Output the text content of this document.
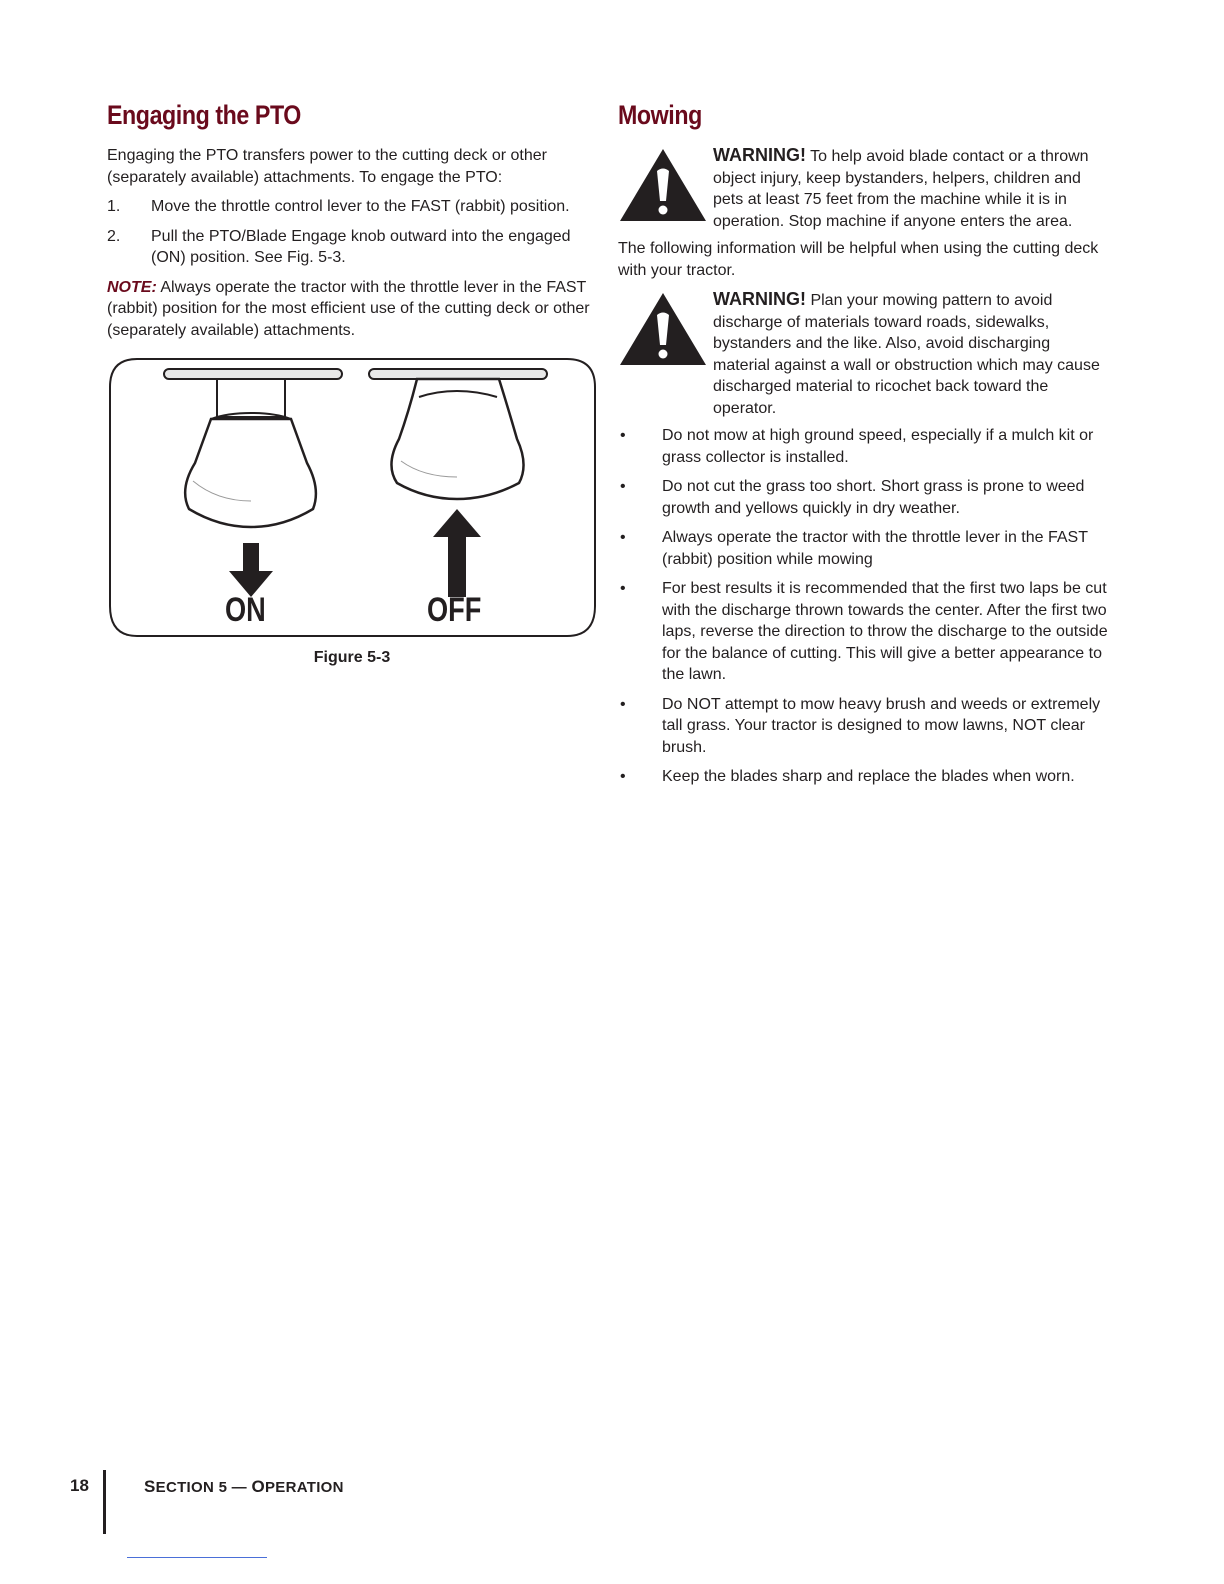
Engaging the PTO

Engaging the PTO transfers power to the cutting deck or other (separately available) attachments. To engage the PTO:

1. Move the throttle control lever to the FAST (rabbit) position.
2. Pull the PTO/Blade Engage knob outward into the engaged (ON) position. See Fig. 5-3.

NOTE: Always operate the tractor with the throttle lever in the FAST (rabbit) position for the most efficient use of the cutting deck or other (separately available) attachments.

ON	OFF
Figure 5-3
Mowing

WARNING! To help avoid blade contact or a thrown object injury, keep bystanders, helpers, children and pets at least 75 feet from the machine while it is in operation. Stop machine if anyone enters the area.

The following information will be helpful when using the cutting deck with your tractor.

WARNING! Plan your mowing pattern to avoid discharge of materials toward roads, sidewalks, bystanders and the like. Also, avoid discharging material against a wall or obstruction which may cause discharged material to ricochet back toward the operator.

• Do not mow at high ground speed, especially if a mulch kit or grass collector is installed.
• Do not cut the grass too short. Short grass is prone to weed growth and yellows quickly in dry weather.
• Always operate the tractor with the throttle lever in the FAST (rabbit) position while mowing
• For best results it is recommended that the first two laps be cut with the discharge thrown towards the center. After the first two laps, reverse the direction to throw the discharge to the outside for the balance of cutting. This will give a better appearance to the lawn.
• Do NOT attempt to mow heavy brush and weeds or extremely tall grass. Your tractor is designed to mow lawns, NOT clear brush.
• Keep the blades sharp and replace the blades when worn.
18	SECTION 5 — OPERATION
